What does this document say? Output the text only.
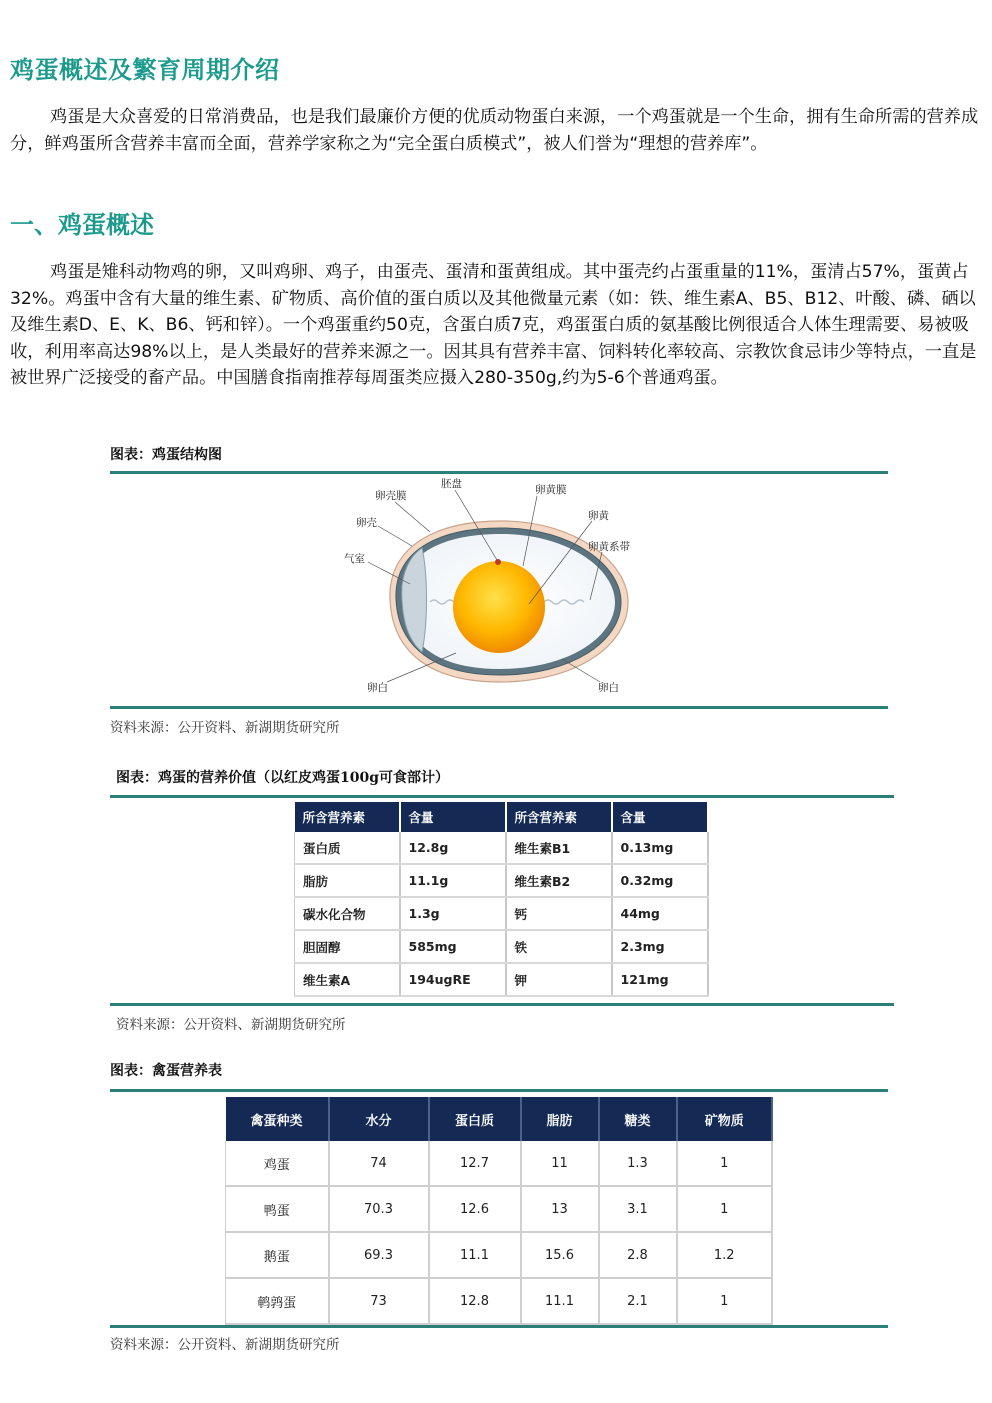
鸡蛋概述及繁育周期介绍

鸡蛋是大众喜爱的日常消费品，也是我们最廉价方便的优质动物蛋白来源，一个鸡蛋就是一个生命，拥有生命所需的营养成分，鲜鸡蛋所含营养丰富而全面，营养学家称之为“完全蛋白质模式”，被人们誉为“理想的营养库”。

一、鸡蛋概述

鸡蛋是雉科动物鸡的卵，又叫鸡卵、鸡子，由蛋壳、蛋清和蛋黄组成。其中蛋壳约占蛋重量的11%，蛋清占57%，蛋黄占32%。鸡蛋中含有大量的维生素、矿物质、高价值的蛋白质以及其他微量元素（如：铁、维生素A、B5、B12、叶酸、磷、硒以及维生素D、E、K、B6、钙和锌）。一个鸡蛋重约50克，含蛋白质7克，鸡蛋蛋白质的氨基酸比例很适合人体生理需要、易被吸收，利用率高达98%以上，是人类最好的营养来源之一。因其具有营养丰富、饲料转化率较高、宗教饮食忌讳少等特点，一直是被世界广泛接受的畜产品。中国膳食指南推荐每周蛋类应摄入280-350g,约为5-6个普通鸡蛋。

图表：鸡蛋结构图
卵壳膜
胚盘	卵黄膜
卵壳
卵黄
卵黄系带
气室
卵白	卵白
资料来源：公开资料、新湖期货研究所
图表：鸡蛋的营养价值（以红皮鸡蛋100g可食部计）
所含营养素	含量	所含营养素	含量
蛋白质	12.8g	维生素B1	0.13mg
脂肪	11.1g	维生素B2	0.32mg
碳水化合物	1.3g	钙	44mg
胆固醇	585mg	铁	2.3mg
维生素A	194ugRE	钾	121mg
资料来源：公开资料、新湖期货研究所
图表：禽蛋营养表
禽蛋种类	水分	蛋白质	脂肪	糖类	矿物质
鸡蛋	74	12.7	11	1.3	1
鸭蛋	70.3	12.6	13	3.1	1
鹅蛋	69.3	11.1	15.6	2.8	1.2
鹌鹑蛋	73	12.8	11.1	2.1	1
资料来源：公开资料、新湖期货研究所
